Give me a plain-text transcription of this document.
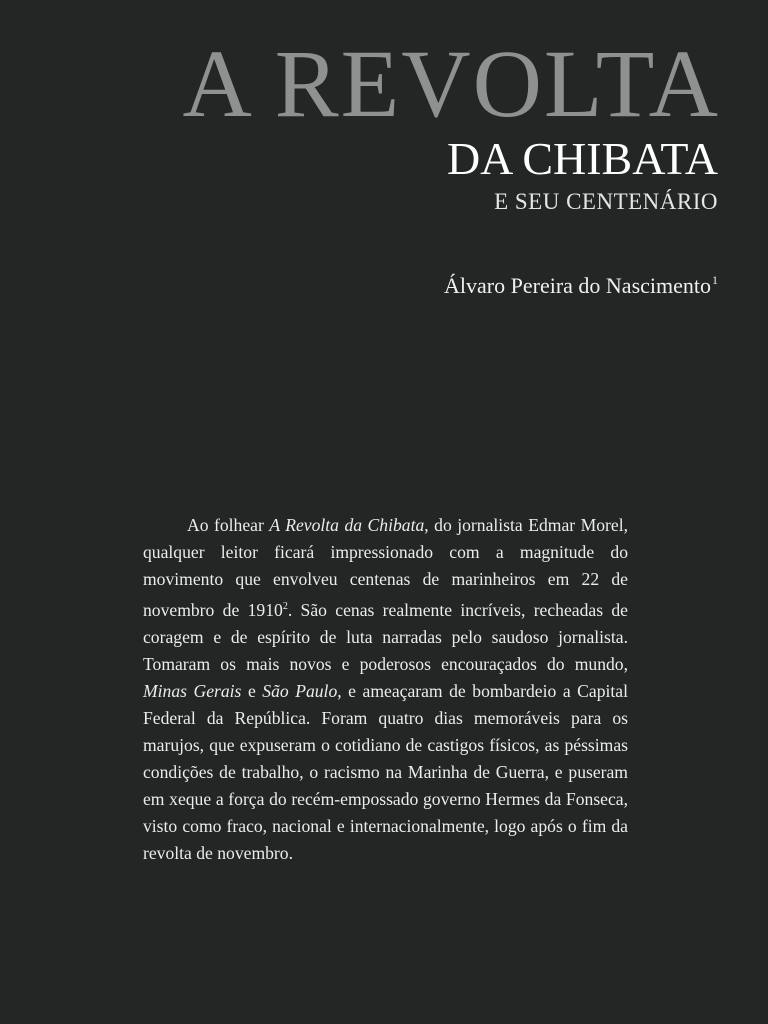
A REVOLTA
DA CHIBATA
E SEU CENTENÁRIO
Álvaro Pereira do Nascimento$^1$

Ao folhear A Revolta da Chibata, do jornalista Edmar Morel, qualquer leitor ficará impressionado com a magnitude do movimento que envolveu centenas de marinheiros em 22 de novembro de 1910$^2$. São cenas realmente incríveis, recheadas de coragem e de espírito de luta narradas pelo saudoso jornalista. Tomaram os mais novos e poderosos encouraçados do mundo, Minas Gerais e São Paulo, e ameaçaram de bombardeio a Capital Federal da República. Foram quatro dias memoráveis para os marujos, que expuseram o cotidiano de castigos físicos, as péssimas condições de trabalho, o racismo na Marinha de Guerra, e puseram em xeque a força do recém-empossado governo Hermes da Fonseca, visto como fraco, nacional e internacionalmente, logo após o fim da revolta de novembro.
